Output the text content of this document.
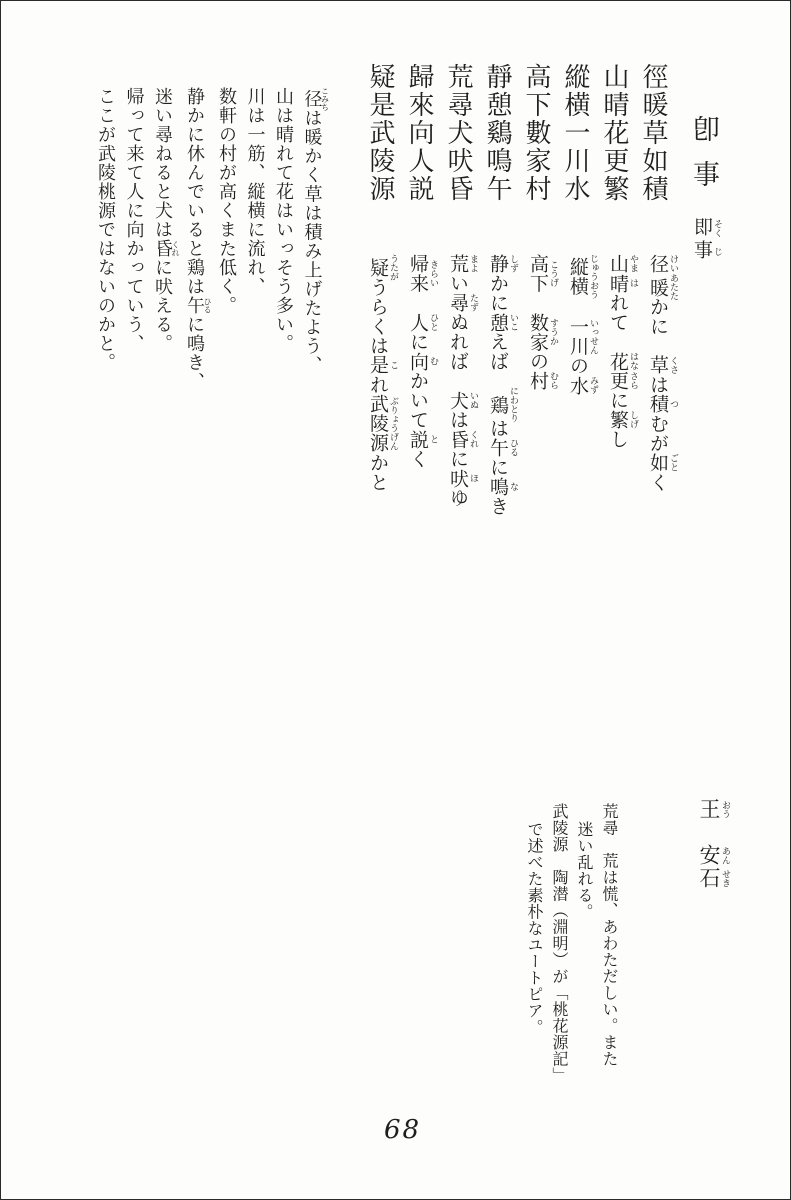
卽事
即 そく事 じ
徑暖草如積
山晴花更繁
縱横一川水
高下數家村
靜憩鷄鳴午
荒尋犬吠昏
歸來向人説
疑是武陵源
径 けい暖 あたたかに　草 くさは積 つむが如 ごとく
山 やま晴 はれて　花 はな更 さらに繁 しげし
縦横 じゅうおう　一川 いっせんの水 みず
高下 こうげ　数家 すうかの村 むら
静 しずかに憩 いこえば　鶏 にわとりは午 ひるに鳴 なき
荒 まよい尋 たずぬれば　犬 いぬは昏 くれに吠 ほゆ
帰来 きらい　人 ひとに向 むかいて説 とく
疑 うたがうらくは是 これ武陵源 ぶりょうげんかと
径こみちは暖かく草は積み上げたよう、
山は晴れて花はいっそう多い。
川は一筋、縦横に流れ、
数軒の村が高くまた低く。
静かに休んでいると鶏は午ひるに鳴き、
迷い尋ねると犬は昏くれに吠える。
帰って来て人に向かっていう、
ここが武陵桃源ではないのかと。
王 おう　安 あん石 せき
荒尋　荒は慌、あわただしい。また
迷い乱れる。
武陵源　陶潜（淵明）が「桃花源記」
で述べた素朴なユートピア。
68
